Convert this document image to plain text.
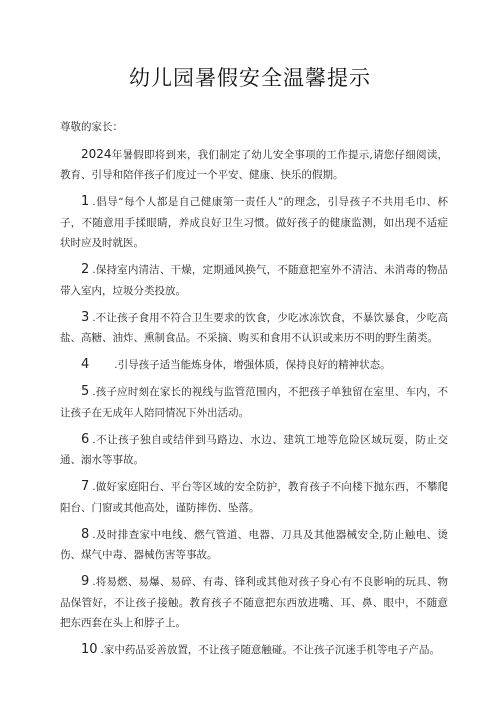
幼儿园暑假安全温馨提示

尊敬的家长：

2024年暑假即将到来，我们制定了幼儿安全事项的工作提示,请您仔细阅读，教育、引导和陪伴孩子们度过一个平安、健康、快乐的假期。

1 .倡导“每个人都是自己健康第一责任人”的理念，引导孩子不共用毛巾、杯子，不随意用手揉眼睛，养成良好卫生习惯。做好孩子的健康监测，如出现不适症状时应及时就医。

2 .保持室内清洁、干燥，定期通风换气，不随意把室外不清洁、未消毒的物品带入室内，垃圾分类投放。

3 .不让孩子食用不符合卫生要求的饮食，少吃冰冻饮食，不暴饮暴食，少吃高盐、高糖、油炸、熏制食品。不采摘、购买和食用不认识或来历不明的野生菌类。

4 .引导孩子适当能炼身体，增强体质，保持良好的精神状态。

5 .孩子应时刻在家长的视线与监管范围内，不把孩子单独留在室里、车内，不让孩子在无成年人陪同情况下外出活动。

6 .不让孩子独自或结伴到马路边、水边、建筑工地等危险区域玩耍，防止交通、溺水等事故。

7 .做好家庭阳台、平台等区域的安全防护，教育孩子不向楼下抛东西，不攀爬阳台、门窗或其他高处，谨防摔伤、坠落。

8 .及时排查家中电线、燃气管道、电器、刀具及其他器械安全,防止触电、烫伤、煤气中毒、器械伤害等事故。

9 .将易燃、易爆、易碎、有毒、锋利或其他对孩子身心有不良影响的玩具、物品保管好，不让孩子接触。教育孩子不随意把东西放进嘴、耳、鼻、眼中，不随意把东西套在头上和脖子上。

10 .家中药品妥善放置，不让孩子随意触碰。不让孩子沉迷手机等电子产品。
